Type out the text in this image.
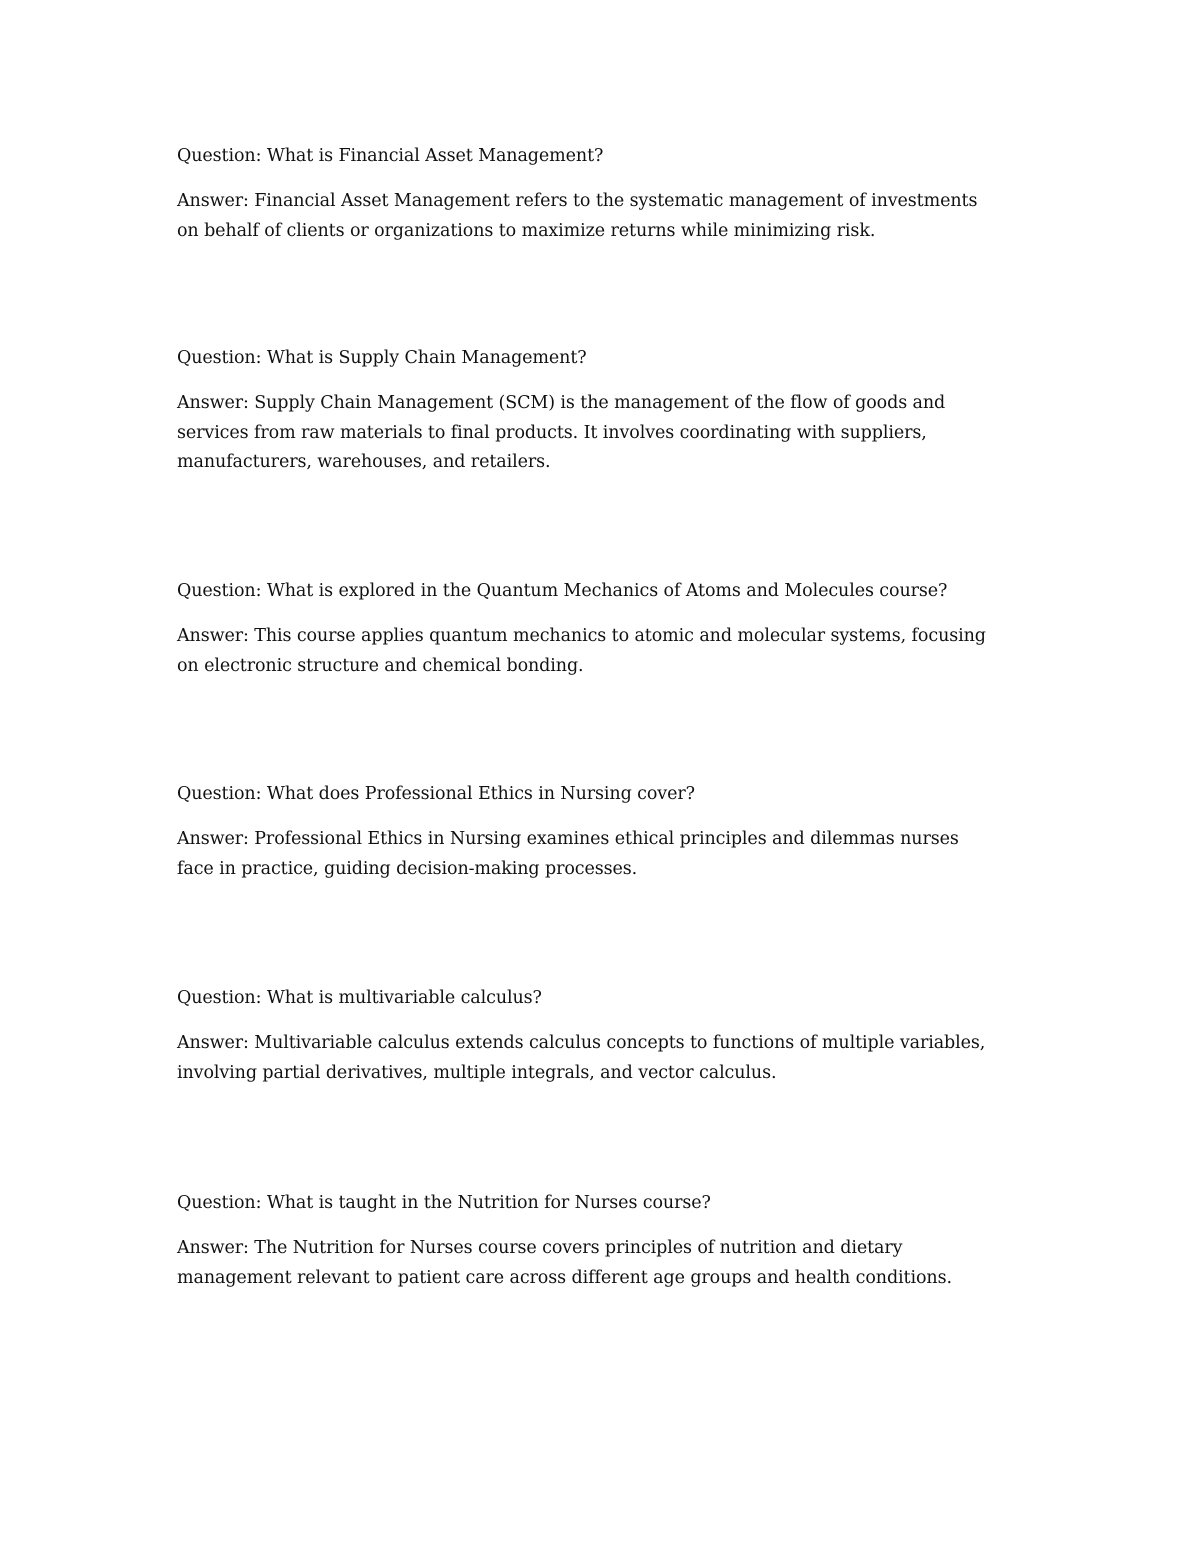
Question: What is Financial Asset Management?

Answer: Financial Asset Management refers to the systematic management of investments
on behalf of clients or organizations to maximize returns while minimizing risk.

Question: What is Supply Chain Management?

Answer: Supply Chain Management (SCM) is the management of the flow of goods and
services from raw materials to final products. It involves coordinating with suppliers,
manufacturers, warehouses, and retailers.

Question: What is explored in the Quantum Mechanics of Atoms and Molecules course?

Answer: This course applies quantum mechanics to atomic and molecular systems, focusing
on electronic structure and chemical bonding.

Question: What does Professional Ethics in Nursing cover?

Answer: Professional Ethics in Nursing examines ethical principles and dilemmas nurses
face in practice, guiding decision-making processes.

Question: What is multivariable calculus?

Answer: Multivariable calculus extends calculus concepts to functions of multiple variables,
involving partial derivatives, multiple integrals, and vector calculus.

Question: What is taught in the Nutrition for Nurses course?

Answer: The Nutrition for Nurses course covers principles of nutrition and dietary
management relevant to patient care across different age groups and health conditions.
